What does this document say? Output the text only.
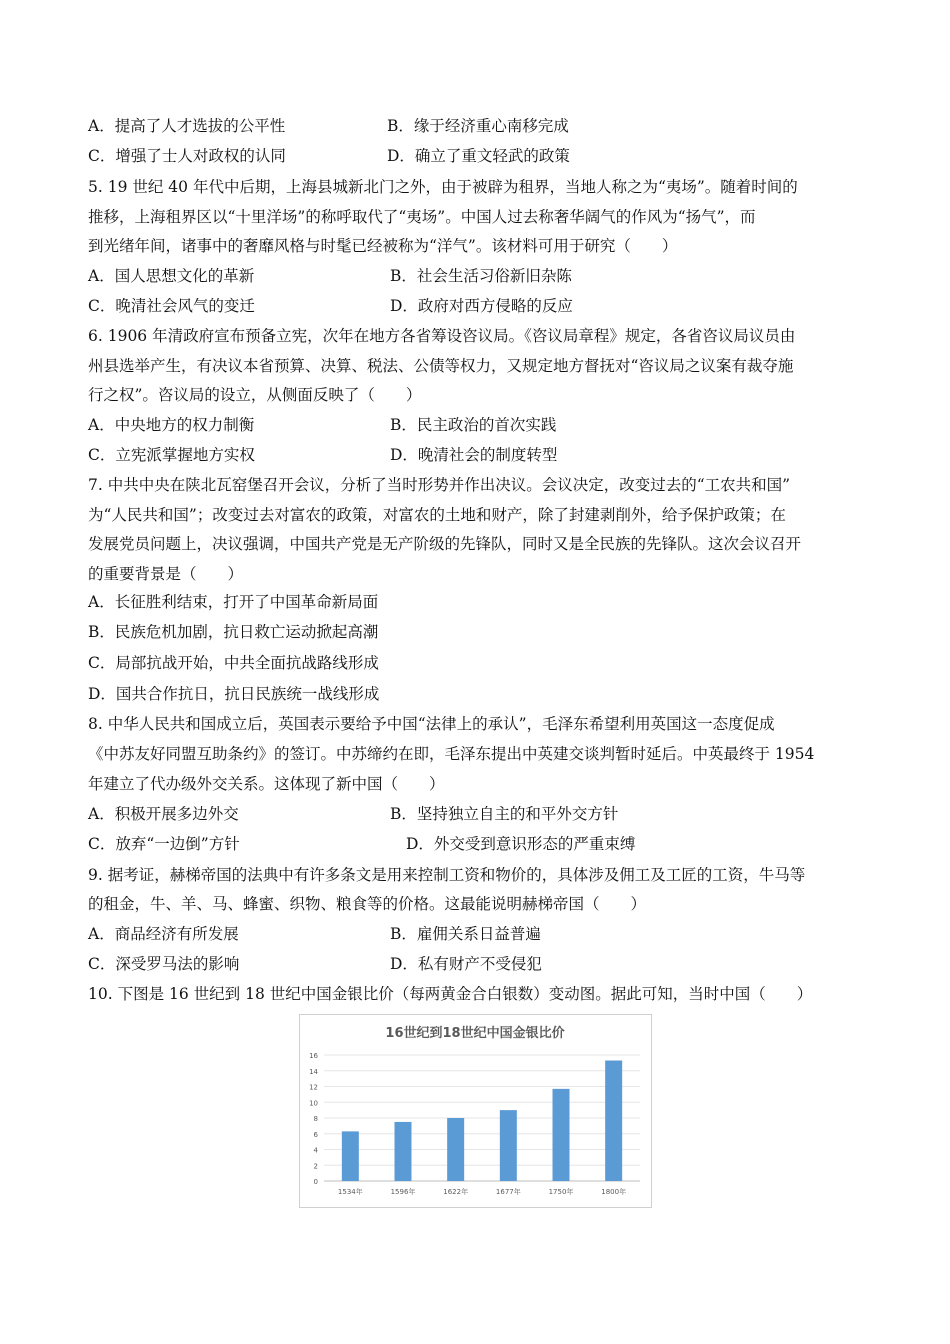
A．提高了人才选拔的公平性	B．缘于经济重心南移完成
C．增强了士人对政权的认同	D．确立了重文轻武的政策
5. 19 世纪 40 年代中后期，上海县城新北门之外，由于被辟为租界，当地人称之为“夷场”。随着时间的
推移，上海租界区以“十里洋场”的称呼取代了“夷场”。中国人过去称奢华阔气的作风为“扬气”，而
到光绪年间，诸事中的奢靡风格与时髦已经被称为“洋气”。该材料可用于研究（　　）
A．国人思想文化的革新	B．社会生活习俗新旧杂陈
C．晚清社会风气的变迁	D．政府对西方侵略的反应
6. 1906 年清政府宣布预备立宪，次年在地方各省筹设咨议局。《咨议局章程》规定，各省咨议局议员由
州县选举产生，有决议本省预算、决算、税法、公债等权力，又规定地方督抚对“咨议局之议案有裁夺施
行之权”。咨议局的设立，从侧面反映了（　　）
A．中央地方的权力制衡	B．民主政治的首次实践
C．立宪派掌握地方实权	D．晚清社会的制度转型
7. 中共中央在陕北瓦窑堡召开会议，分析了当时形势并作出决议。会议决定，改变过去的“工农共和国”
为“人民共和国”；改变过去对富农的政策，对富农的土地和财产，除了封建剥削外，给予保护政策；在
发展党员问题上，决议强调，中国共产党是无产阶级的先锋队，同时又是全民族的先锋队。这次会议召开
的重要背景是（　　）
A．长征胜利结束，打开了中国革命新局面
B．民族危机加剧，抗日救亡运动掀起高潮
C．局部抗战开始，中共全面抗战路线形成
D．国共合作抗日，抗日民族统一战线形成
8. 中华人民共和国成立后，英国表示要给予中国“法律上的承认”，毛泽东希望利用英国这一态度促成
《中苏友好同盟互助条约》的签订。中苏缔约在即，毛泽东提出中英建交谈判暂时延后。中英最终于 1954
年建立了代办级外交关系。这体现了新中国（　　）
A．积极开展多边外交	B．坚持独立自主的和平外交方针
C．放弃“一边倒”方针	D．外交受到意识形态的严重束缚
9. 据考证，赫梯帝国的法典中有许多条文是用来控制工资和物价的，具体涉及佣工及工匠的工资，牛马等
的租金，牛、羊、马、蜂蜜、织物、粮食等的价格。这最能说明赫梯帝国（　　）
A．商品经济有所发展	B．雇佣关系日益普遍
C．深受罗马法的影响	D．私有财产不受侵犯
10. 下图是 16 世纪到 18 世纪中国金银比价（每两黄金合白银数）变动图。据此可知，当时中国（　　）
16世纪到18世纪中国金银比价
0
2
4
6
8
10
12
14
16
1534年	1596年	1622年	1677年	1750年	1800年
